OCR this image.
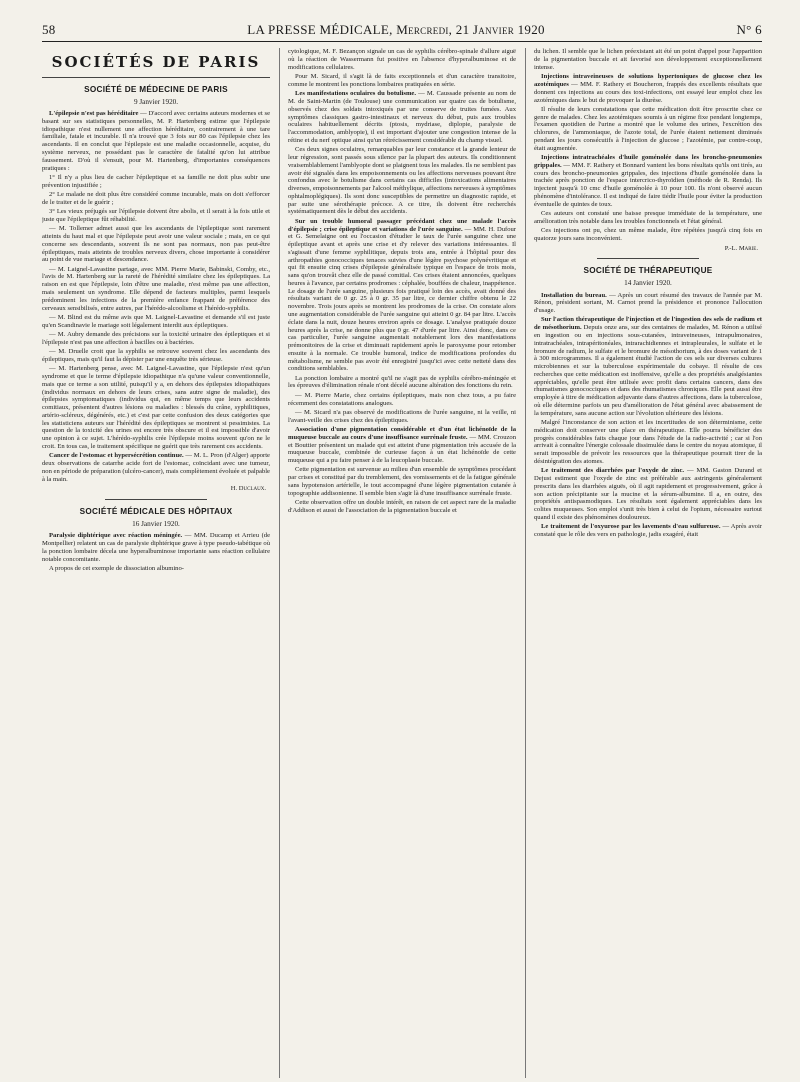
58	LA PRESSE MÉDICALE, Mercredi, 21 Janvier 1920	N° 6
SOCIÉTÉS DE PARIS
SOCIÉTÉ DE MÉDECINE DE PARIS
9 Janvier 1920.

L'épilepsie n'est pas héréditaire — D'accord avec certains auteurs modernes et se basant sur ses statistiques personnelles, M. P. Hartenberg estime que l'épilepsie idiopathique n'est nullement une affection héréditaire, contrairement à une tare familiale, fatale et incurable. Il n'a trouvé que 3 fois sur 80 cas l'épilepsie chez les ascendants. Il en conclut que l'épilepsie est une maladie occasionnelle, acquise, du système nerveux, ne possédant pas le caractère de fatalité qu'on lui attribue faussement. D'où il s'ensuit, pour M. Hartenberg, d'importantes conséquences pratiques :

1° Il n'y a plus lieu de cacher l'épileptique et sa famille ne doit plus subir une prévention injustifiée ;

2° Le malade ne doit plus être considéré comme incurable, mais on doit s'efforcer de le traiter et de le guérir ;

3° Les vieux préjugés sur l'épilepsie doivent être abolis, et il serait à la fois utile et juste que l'épileptique fût réhabilité.

— M. Tollemer admet aussi que les ascendants de l'épileptique sont rarement atteints du haut mal et que l'épilepsie peut avoir une valeur sociale ; mais, en ce qui concerne ses descendants, souvent ils ne sont pas normaux, non pas peut-être épileptiques, mais atteints de troubles nerveux divers, chose importante à considérer au point de vue mariage et descendance.

— M. Laignel-Lavastine partage, avec MM. Pierre Marie, Babinski, Comby, etc., l'avis de M. Hartenberg sur la rareté de l'hérédité similaire chez les épileptiques. La raison en est que l'épilepsie, loin d'être une maladie, n'est même pas une affection, mais seulement un syndrome. Elle dépend de facteurs multiples, parmi lesquels prédominent les infections de la première enfance frappant de préférence des cerveaux sensibilisés, entre autres, par l'hérédo-alcoolisme et l'hérédo-syphilis.

— M. Blind est du même avis que M. Laignel-Lavastine et demande s'il est juste qu'en Scandinavie le mariage soit légalement interdit aux épileptiques.

— M. Aubry demande des précisions sur la toxicité urinaire des épileptiques et si l'épilepsie n'est pas une affection à bacilles ou à bactéries.

— M. Druelle croit que la syphilis se retrouve souvent chez les ascendants des épileptiques, mais qu'il faut la dépister par une enquête très sérieuse.

— M. Hartenberg pense, avec M. Laignel-Lavastine, que l'épilepsie n'est qu'un syndrome et que le terme d'épilepsie idiopathique n'a qu'une valeur conventionnelle, mais que ce terme a son utilité, puisqu'il y a, en dehors des épilepsies idiopathiques (individus normaux en dehors de leurs crises, sans autre signe de maladie), des épilepsies symptomatiques (individus qui, en même temps que leurs accidents comitiaux, présentent d'autres lésions ou maladies : blessés du crâne, syphilitiques, artério-scléreux, dégénérés, etc.) et c'est par cette confusion des deux catégories que les statisticiens auteurs sur l'hérédité des épileptiques se montrent si pessimistes. La question de la toxicité des urines est encore très obscure et il est impossible d'avoir une opinion à ce sujet. L'hérédo-syphilis crée l'épilepsie moins souvent qu'on ne le croit. En tous cas, le traitement spécifique ne guérit que très rarement ces accidents.

Cancer de l'estomac et hypersécrétion continue. — M. L. Pron (d'Alger) apporte deux observations de catarrhe acide fort de l'estomac, coïncidant avec une tumeur, non en période de préparation (ulcéro-cancer), mais complètement évoluée et palpable à la main.

H. Duclaux.
SOCIÉTÉ MÉDICALE DES HÔPITAUX
16 Janvier 1920.

Paralysie diphtérique avec réaction méningée. — MM. Ducamp et Arrieu (de Montpellier) relatent un cas de paralysie diphtérique grave à type pseudo-tabétique où la ponction lombaire décela une hyperalbuminose importante sans réaction cellulaire notable concomitante.

A propos de cet exemple de dissociation albumino-

cytologique, M. F. Bezançon signale un cas de syphilis cérébro-spinale d'allure aiguë où la réaction de Wassermann fut positive en l'absence d'hyperalbuminose et de modifications cellulaires.

Pour M. Sicard, il s'agit là de faits exceptionnels et d'un caractère transitoire, comme le montrent les ponctions lombaires pratiquées en série.

Les manifestations oculaires du botulisme. — M. Caussade présente au nom de M. de Saint-Martin (de Toulouse) une communication sur quatre cas de botulisme, observés chez des soldats intoxiqués par une conserve de truites fumées. Aux symptômes classiques gastro-intestinaux et nerveux du début, puis aux troubles oculaires habituellement décrits (ptosis, mydriase, diplopie, paralysie de l'accommodation, amblyopie), il est important d'ajouter une congestion intense de la rétine et du nerf optique ainsi qu'un rétrécissement considérable du champ visuel.

Ces deux signes oculaires, remarquables par leur constance et la grande lenteur de leur régression, sont passés sous silence par la plupart des auteurs. Ils conditionnent vraisemblablement l'amblyopie dont se plaignent tous les malades. Ils ne semblent pas avoir été signalés dans les empoisonnements ou les affections nerveuses pouvant être confondus avec le botulisme dans certains cas difficiles (intoxications alimentaires diverses, empoisonnements par l'alcool méthylique, affections nerveuses à symptômes ophtalmoplégiques). Ils sont donc susceptibles de permettre un diagnostic rapide, et par suite une sérothérapie précoce. A ce titre, ils doivent être recherchés systématiquement dès le début des accidents.

Sur un trouble humoral passager précédant chez une malade l'accès d'épilepsie ; crise épileptique et variations de l'urée sanguine. — MM. H. Dufour et G. Semelaigne ont eu l'occasion d'étudier le taux de l'urée sanguine chez une épileptique avant et après une crise et d'y relever des variations intéressantes. Il s'agissait d'une femme syphilitique, depuis trois ans, entrée à l'hôpital pour des arthropathies gonococciques tenaces suivies d'une légère psychose polynévritique et qui fit ensuite cinq crises d'épilepsie généralisée typique en l'espace de trois mois, sans qu'on trouvât chez elle de passé comitial. Ces crises étaient annoncées, quelques heures à l'avance, par certains prodromes : céphalée, bouffées de chaleur, inappétence. Le dosage de l'urée sanguine, plusieurs fois pratiqué loin des accès, avait donné des résultats variant de 0 gr. 25 à 0 gr. 35 par litre, ce dernier chiffre obtenu le 22 novembre. Trois jours après se montrent les prodromes de la crise. On constate alors une augmentation considérable de l'urée sanguine qui atteint 0 gr. 84 par litre. L'accès éclate dans la nuit, douze heures environ après ce dosage. L'analyse pratiquée douze heures après la crise, ne donne plus que 0 gr. 47 d'urée par litre. Ainsi donc, dans ce cas particulier, l'urée sanguine augmentait notablement lors des manifestations prémonitoires de la crise et diminuait rapidement après le paroxysme pour retomber ensuite à la normale. Ce trouble humoral, indice de modifications profondes du métabolisme, ne semble pas avoir été enregistré jusqu'ici avec cette netteté dans des conditions semblables.

La ponction lombaire a montré qu'il ne s'agit pas de syphilis cérébro-méningée et les épreuves d'élimination rénale n'ont décelé aucune altération des fonctions du rein.

— M. Pierre Marie, chez certains épileptiques, mais non chez tous, a pu faire récemment des constatations analogues.

— M. Sicard n'a pas observé de modifications de l'urée sanguine, ni la veille, ni l'avant-veille des crises chez des épileptiques.

Association d'une pigmentation considérable et d'un état lichénoïde de la muqueuse buccale au cours d'une insuffisance surrénale fruste. — MM. Crouzon et Bouttier présentent un malade qui est atteint d'une pigmentation très accusée de la muqueuse buccale, combinée de curieuse façon à un état lichénoïde de cette muqueuse qui a pu faire penser à de la leucoplasie buccale.

Cette pigmentation est survenue au milieu d'un ensemble de symptômes procédant par crises et constitué par du tremblement, des vomissements et de la fatigue générale sans hypotension artérielle, le tout accompagné d'une légère pigmentation cutanée à topographie addisonienne. Il semble bien s'agir là d'une insuffisance surrénale fruste.

Cette observation offre un double intérêt, en raison de cet aspect rare de la maladie d'Addison et aussi de l'association de la pigmentation buccale et

du lichen. Il semble que le lichen préexistant ait été un point d'appel pour l'apparition de la pigmentation buccale et ait favorisé son développement exceptionnellement intense.

Injections intraveineuses de solutions hypertoniques de glucose chez les azotémiques — MM. F. Rathery et Boucheron, frappés des excellents résultats que donnent ces injections au cours des toxi-infections, ont essayé leur emploi chez les azotémiques dans le but de provoquer la diurèse.

Il résulte de leurs constatations que cette médication doit être proscrite chez ce genre de malades. Chez les azotémiques soumis à un régime fixe pendant longtemps, l'examen quotidien de l'urine a montré que le volume des urines, l'excrétion des chlorures, de l'ammoniaque, de l'azote total, de l'urée étaient nettement diminués pendant les jours consécutifs à l'injection de glucose ; l'azotémie, par contre-coup, était augmentée.

Injections intratrachéales d'huile goménolée dans les broncho-pneumonies grippales. — MM. F. Rathery et Bonnard vantent les bons résultats qu'ils ont tirés, au cours des broncho-pneumonies grippales, des injections d'huile goménolée dans la trachée après ponction de l'espace intercrico-thyroïdien (méthode de R. Renda). Ils injectent jusqu'à 10 cmc d'huile goménolée à 10 pour 100. Ils n'ont observé aucun phénomène d'intolérance. Il est indiqué de faire tiédir l'huile pour éviter la production éventuelle de quintes de toux.

Ces auteurs ont constaté une baisse presque immédiate de la température, une amélioration très notable dans les troubles fonctionnels et l'état général.

Ces injections ont pu, chez un même malade, être répétées jusqu'à cinq fois en quatorze jours sans inconvénient.

P.-L. Marie.
SOCIÉTÉ DE THÉRAPEUTIQUE
14 Janvier 1920.

Installation du bureau. — Après un court résumé des travaux de l'année par M. Rénon, président sortant, M. Carnot prend la présidence et prononce l'allocution d'usage.

Sur l'action thérapeutique de l'injection et de l'ingestion des sels de radium et de mésothorium. Depuis onze ans, sur des centaines de malades, M. Rénon a utilisé en ingestion ou en injections sous-cutanées, intraveineuses, intrapulmonaires, intratrachéales, intrapéritonéales, intrarachidiennes et intrapleurales, le sulfate et le bromure de radium, le sulfate et le bromure de mésothorium, à des doses variant de 1 à 300 microgrammes. Il a également étudié l'action de ces sels sur diverses cultures microbiennes et sur la tuberculose expérimentale du cobaye. Il résulte de ces recherches que cette médication est inoffensive, qu'elle a des propriétés analgésiantes appréciables, qu'elle peut être utilisée avec profit dans certains cancers, dans des rhumatismes gonococciques et dans des rhumatismes chroniques. Elle peut aussi être employée à titre de médication adjuvante dans d'autres affections, dans la tuberculose, où elle détermine parfois un peu d'amélioration de l'état général avec abaissement de la température, sans aucune action sur l'évolution ultérieure des lésions.

Malgré l'inconstance de son action et les incertitudes de son déterminisme, cette médication doit conserver une place en thérapeutique. Elle pourra bénéficier des progrès considérables faits chaque jour dans l'étude de la radio-activité ; car si l'on arrivait à connaître l'énergie colossale dissimulée dans le centre du noyau atomique, il serait impossible de prévoir les ressources que la thérapeutique pourrait tirer de la désintégration des atomes.

Le traitement des diarrhées par l'oxyde de zinc. — MM. Gaston Durand et Dejust estiment que l'oxyde de zinc est préférable aux astringents généralement prescrits dans les diarrhées aiguës, où il agit rapidement et progressivement, grâce à son action précipitante sur la mucine et la sérum-albumine. Il a, en outre, des propriétés antispasmodiques. Les résultats sont également appréciables dans les colites muqueuses. Son emploi s'unit très bien à celui de l'opium, nécessaire surtout quand il existe des phénomènes douloureux.

Le traitement de l'oxyurose par les lavements d'eau sulfureuse. — Après avoir constaté que le rôle des vers en pathologie, jadis exagéré, était
